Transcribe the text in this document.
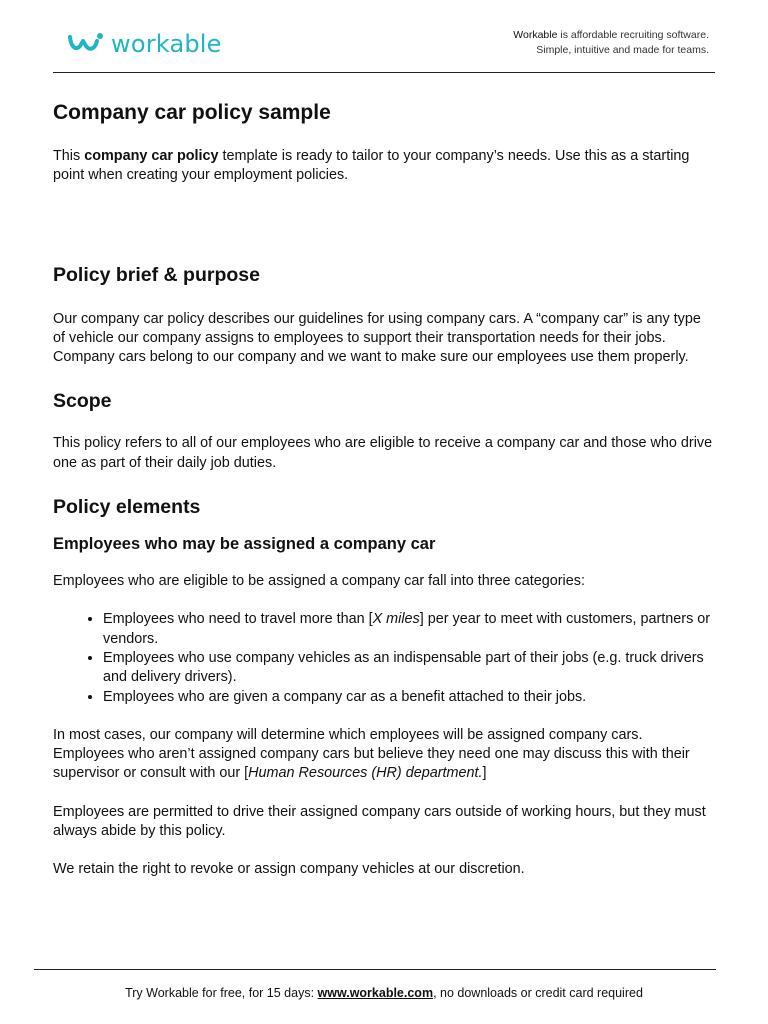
workable	Workable is affordable recruiting software.
Simple, intuitive and made for teams.
Company car policy sample

This company car policy template is ready to tailor to your company’s needs. Use this as a starting point when creating your employment policies.

Policy brief & purpose

Our company car policy describes our guidelines for using company cars. A “company car” is any type of vehicle our company assigns to employees to support their transportation needs for their jobs. Company cars belong to our company and we want to make sure our employees use them properly.

Scope

This policy refers to all of our employees who are eligible to receive a company car and those who drive one as part of their daily job duties.

Policy elements
Employees who may be assigned a company car

Employees who are eligible to be assigned a company car fall into three categories:

• Employees who need to travel more than [X miles] per year to meet with customers, partners or vendors.
• Employees who use company vehicles as an indispensable part of their jobs (e.g. truck drivers and delivery drivers).
• Employees who are given a company car as a benefit attached to their jobs.

In most cases, our company will determine which employees will be assigned company cars. Employees who aren’t assigned company cars but believe they need one may discuss this with their supervisor or consult with our [Human Resources (HR) department.]

Employees are permitted to drive their assigned company cars outside of working hours, but they must always abide by this policy.

We retain the right to revoke or assign company vehicles at our discretion.

Try Workable for free, for 15 days: www.workable.com, no downloads or credit card required
